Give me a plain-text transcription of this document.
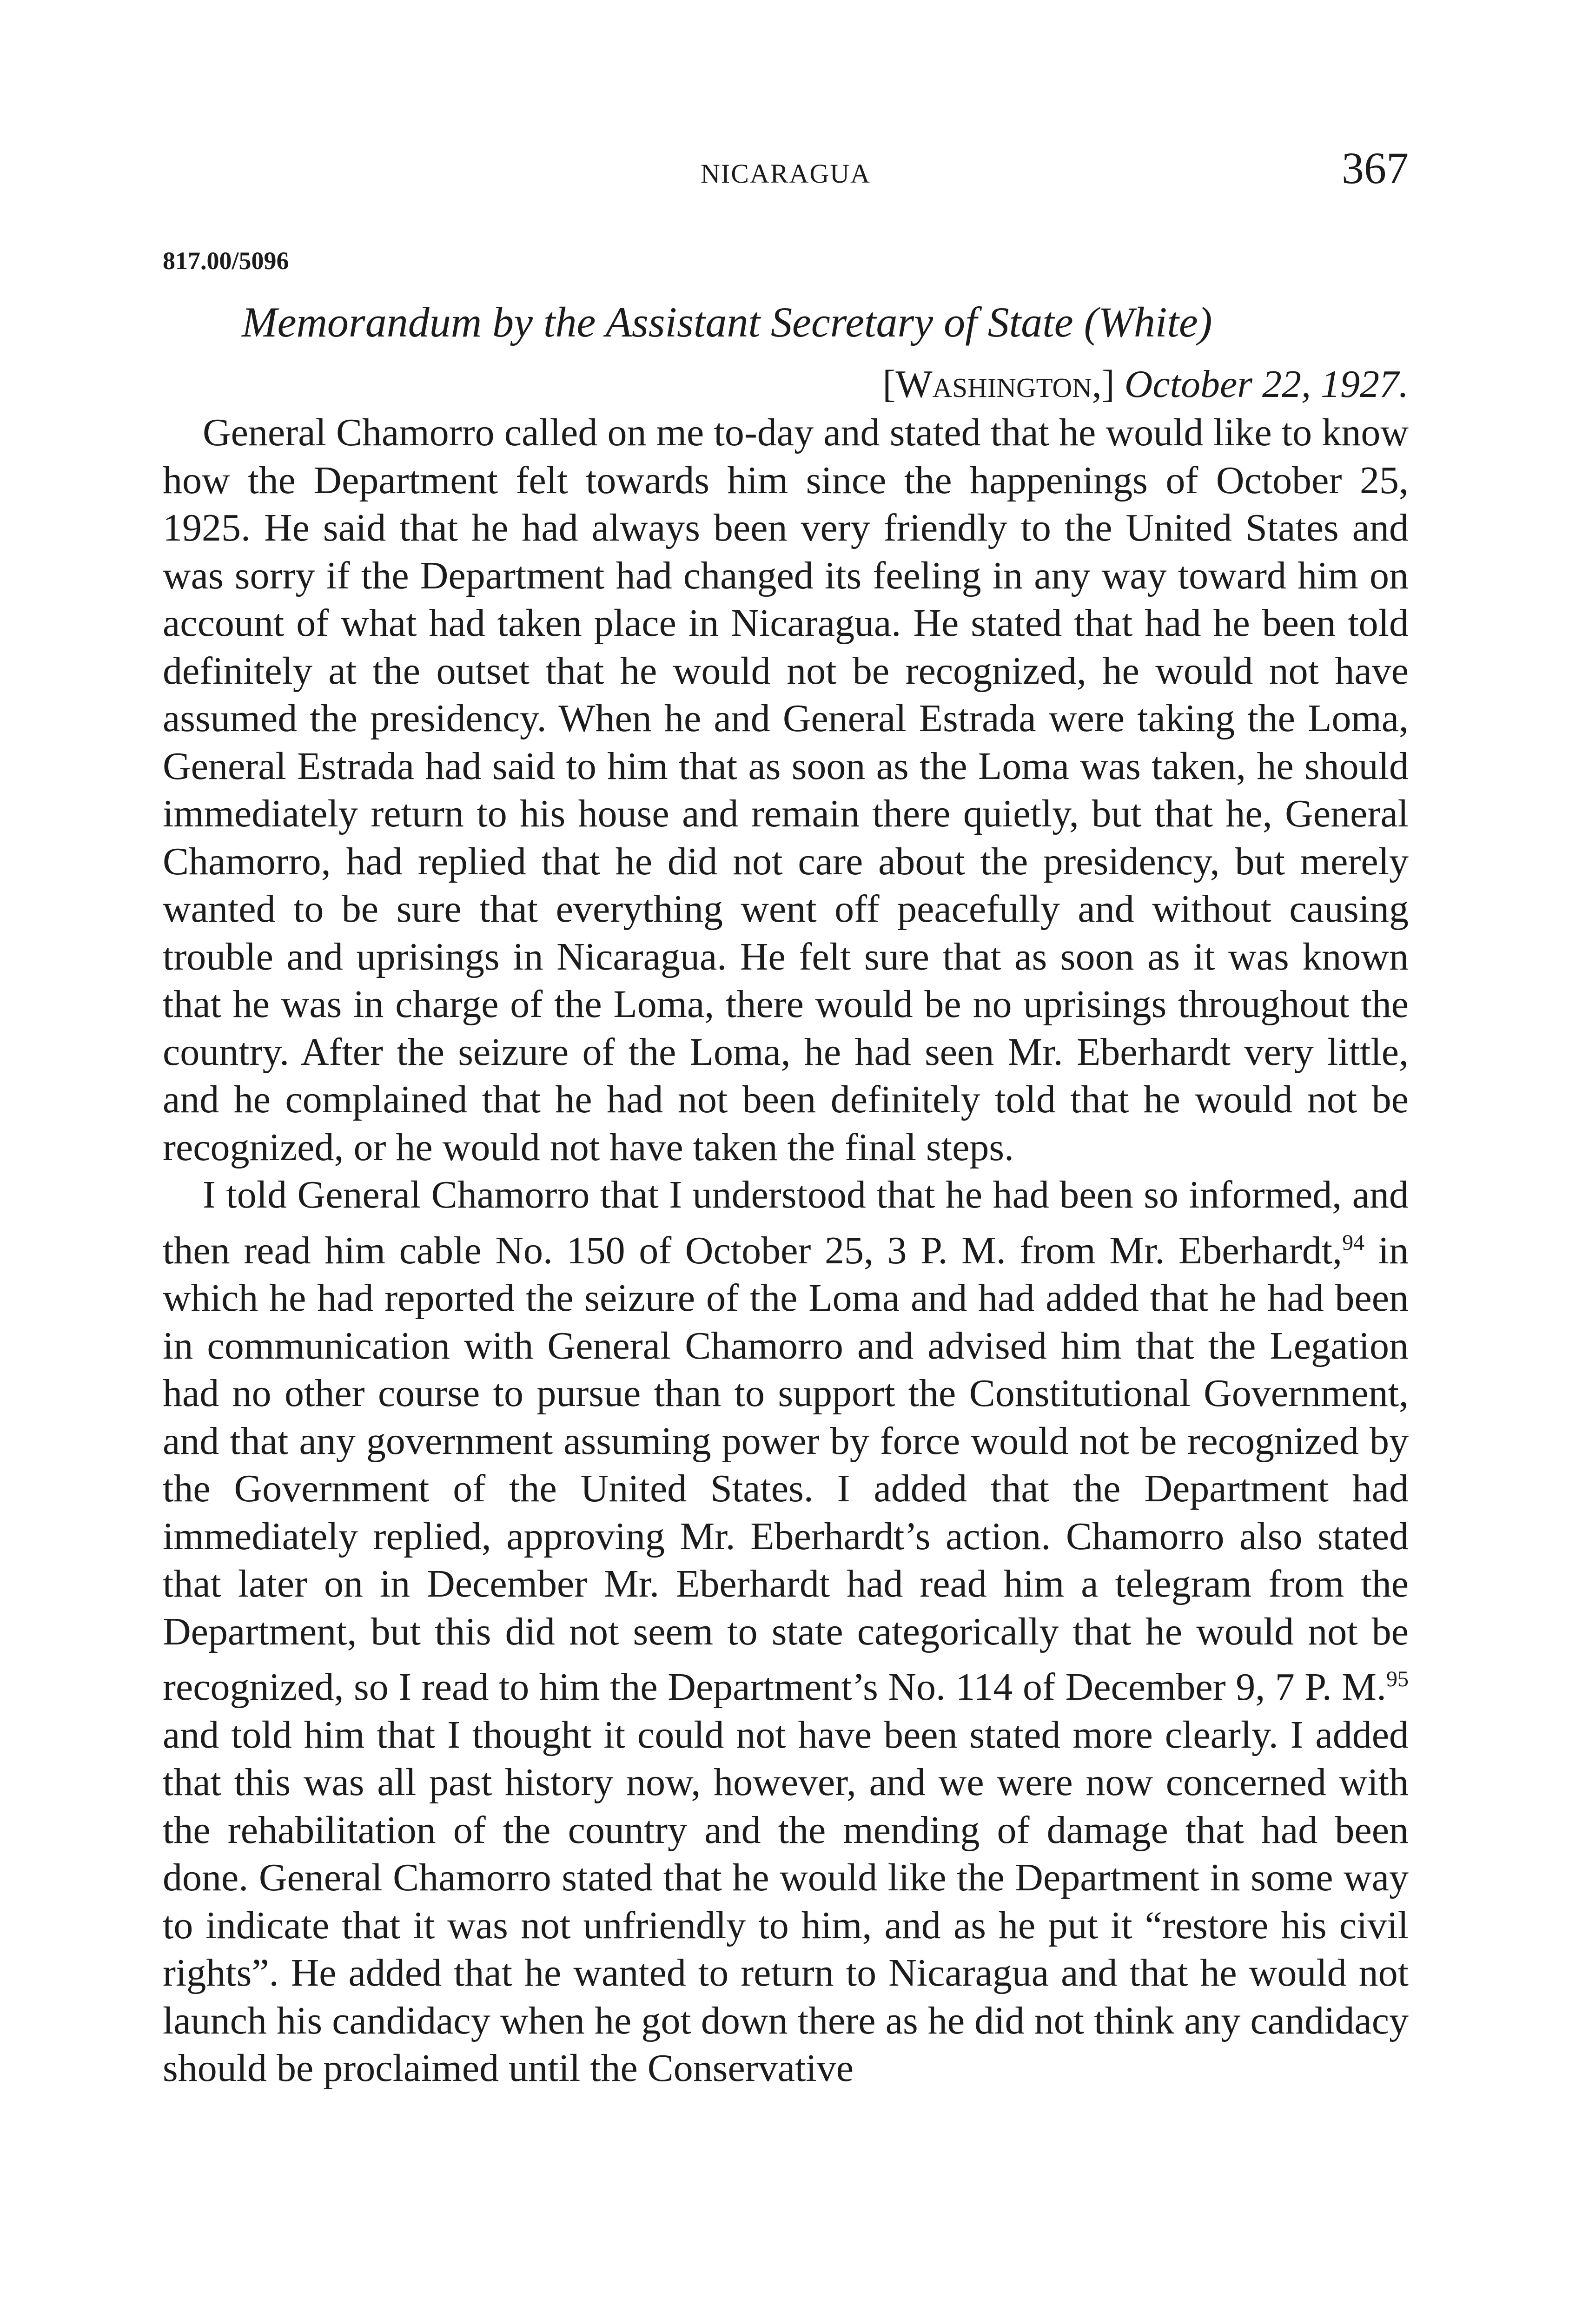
NICARAGUA	367
817.00/5096
Memorandum by the Assistant Secretary of State (White)
[Washington,] October 22, 1927.

General Chamorro called on me to-day and stated that he would like to know how the Department felt towards him since the happenings of October 25, 1925. He said that he had always been very friendly to the United States and was sorry if the Department had changed its feeling in any way toward him on account of what had taken place in Nicaragua. He stated that had he been told definitely at the outset that he would not be recognized, he would not have assumed the presidency. When he and General Estrada were taking the Loma, General Estrada had said to him that as soon as the Loma was taken, he should immediately return to his house and remain there quietly, but that he, General Chamorro, had replied that he did not care about the presidency, but merely wanted to be sure that everything went off peacefully and without causing trouble and uprisings in Nicaragua. He felt sure that as soon as it was known that he was in charge of the Loma, there would be no uprisings throughout the country. After the seizure of the Loma, he had seen Mr. Eberhardt very little, and he complained that he had not been definitely told that he would not be recognized, or he would not have taken the final steps.

I told General Chamorro that I understood that he had been so informed, and then read him cable No. 150 of October 25, 3 P. M. from Mr. Eberhardt,$^{94}$ in which he had reported the seizure of the Loma and had added that he had been in communication with General Chamorro and advised him that the Legation had no other course to pursue than to support the Constitutional Government, and that any government assuming power by force would not be recognized by the Government of the United States. I added that the Department had immediately replied, approving Mr. Eberhardt’s action. Chamorro also stated that later on in December Mr. Eberhardt had read him a telegram from the Department, but this did not seem to state categorically that he would not be recognized, so I read to him the Department’s No. 114 of December 9, 7 P. M.$^{95}$ and told him that I thought it could not have been stated more clearly. I added that this was all past history now, however, and we were now concerned with the rehabilitation of the country and the mending of damage that had been done. General Chamorro stated that he would like the Department in some way to indicate that it was not unfriendly to him, and as he put it “restore his civil rights”. He added that he wanted to return to Nicaragua and that he would not launch his candidacy when he got down there as he did not think any candidacy should be proclaimed until the Conservative
